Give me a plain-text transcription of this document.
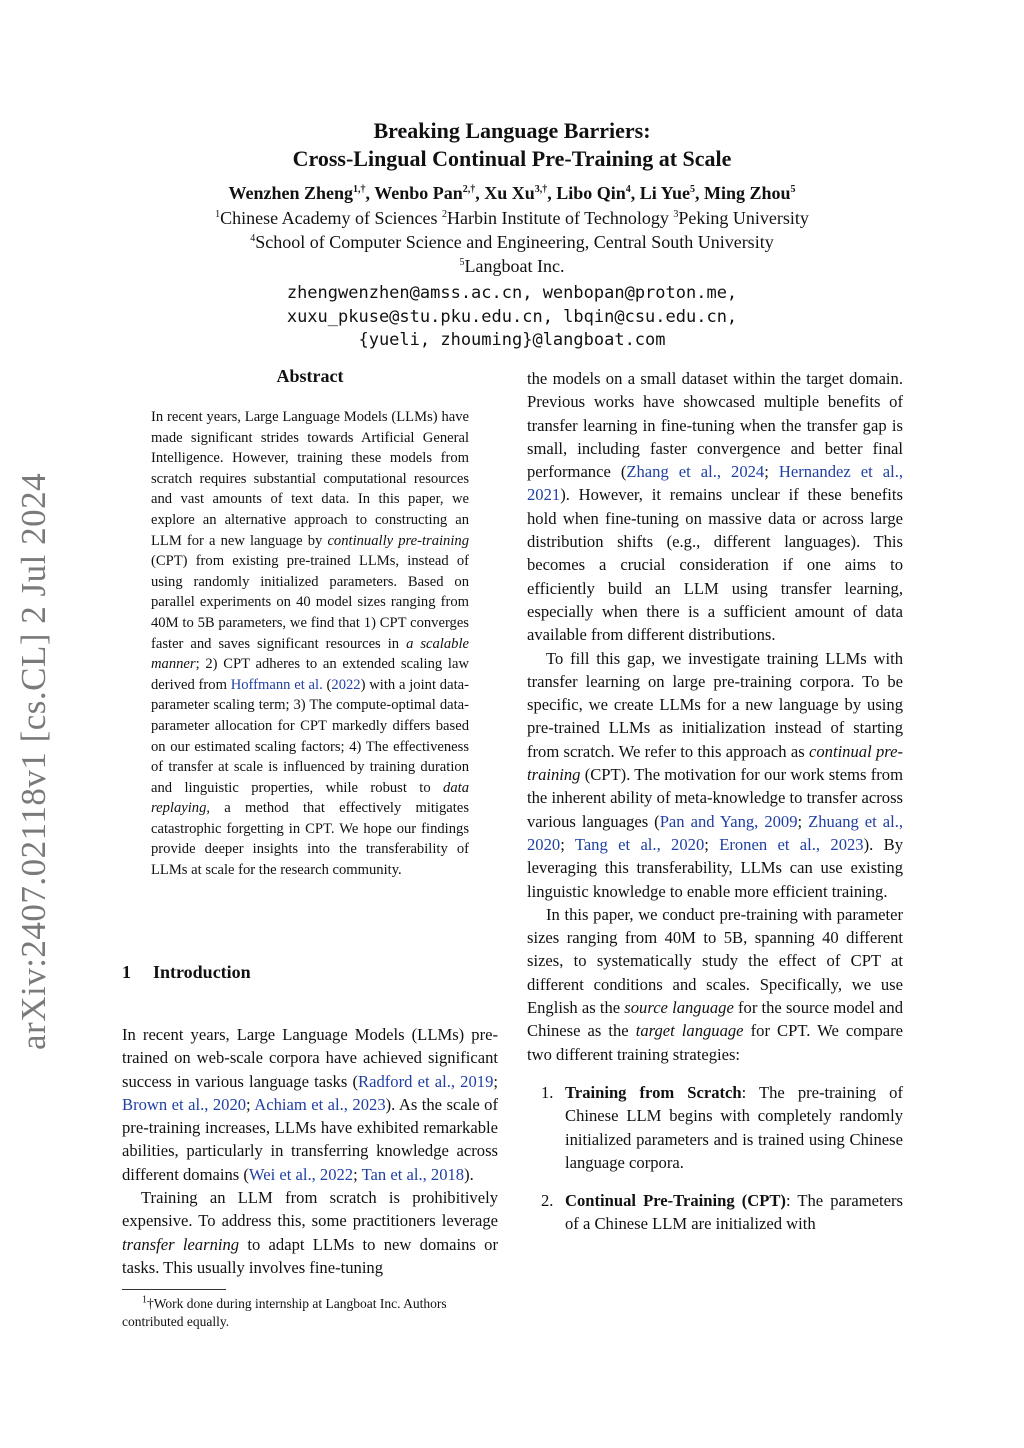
arXiv:2407.02118v1 [cs.CL] 2 Jul 2024
Breaking Language Barriers:
Cross-Lingual Continual Pre-Training at Scale
Wenzhen Zheng$^{1,\dagger}$, Wenbo Pan$^{2,\dagger}$, Xu $Xu^{3,\dagger}$, Libo Qin$^4$, Li Yue$^5$, Ming Zhou$^5$
$^1$Chinese Academy of Sciences $^2$Harbin Institute of Technology $^3$Peking University
$^4$School of Computer Science and Engineering, Central South University
$^5$Langboat Inc.
zhengwenzhen@amss.ac.cn, wenbopan@proton.me,
xuxu_pkuse@stu.pku.edu.cn, lbqin@csu.edu.cn,
{yueli, zhouming}@langboat.com
Abstract
In recent years, Large Language Models (LLMs) have made significant strides towards Artificial General Intelligence. However, training these models from scratch requires substantial computational resources and vast amounts of text data. In this paper, we explore an alternative approach to constructing an LLM for a new language by continually pre-training (CPT) from existing pre-trained LLMs, instead of using randomly initialized parameters. Based on parallel experiments on 40 model sizes ranging from 40M to 5B parameters, we find that 1) CPT converges faster and saves significant resources in a scalable manner; 2) CPT adheres to an extended scaling law derived from Hoffmann et al. (2022) with a joint data-parameter scaling term; 3) The compute-optimal data-parameter allocation for CPT markedly differs based on our estimated scaling factors; 4) The effectiveness of transfer at scale is influenced by training duration and linguistic properties, while robust to data replaying, a method that effectively mitigates catastrophic forgetting in CPT. We hope our findings provide deeper insights into the transferability of LLMs at scale for the research community.
1 Introduction

In recent years, Large Language Models (LLMs) pre-trained on web-scale corpora have achieved significant success in various language tasks (Radford et al., 2019; Brown et al., 2020; Achiam et al., 2023). As the scale of pre-training increases, LLMs have exhibited remarkable abilities, particularly in transferring knowledge across different domains (Wei et al., 2022; Tan et al., 2018).

Training an LLM from scratch is prohibitively expensive. To address this, some practitioners leverage transfer learning to adapt LLMs to new domains or tasks. This usually involves fine-tuning

$^1$†Work done during internship at Langboat Inc. Authors contributed equally.

the models on a small dataset within the target domain. Previous works have showcased multiple benefits of transfer learning in fine-tuning when the transfer gap is small, including faster convergence and better final performance (Zhang et al., 2024; Hernandez et al., 2021). However, it remains unclear if these benefits hold when fine-tuning on massive data or across large distribution shifts (e.g., different languages). This becomes a crucial consideration if one aims to efficiently build an LLM using transfer learning, especially when there is a sufficient amount of data available from different distributions.

To fill this gap, we investigate training LLMs with transfer learning on large pre-training corpora. To be specific, we create LLMs for a new language by using pre-trained LLMs as initialization instead of starting from scratch. We refer to this approach as continual pre-training (CPT). The motivation for our work stems from the inherent ability of meta-knowledge to transfer across various languages (Pan and Yang, 2009; Zhuang et al., 2020; Tang et al., 2020; Eronen et al., 2023). By leveraging this transferability, LLMs can use existing linguistic knowledge to enable more efficient training.

In this paper, we conduct pre-training with parameter sizes ranging from 40M to 5B, spanning 40 different sizes, to systematically study the effect of CPT at different conditions and scales. Specifically, we use English as the source language for the source model and Chinese as the target language for CPT. We compare two different training strategies:

1. Training from Scratch: The pre-training of Chinese LLM begins with completely randomly initialized parameters and is trained using Chinese language corpora.
2. Continual Pre-Training (CPT): The parameters of a Chinese LLM are initialized with
